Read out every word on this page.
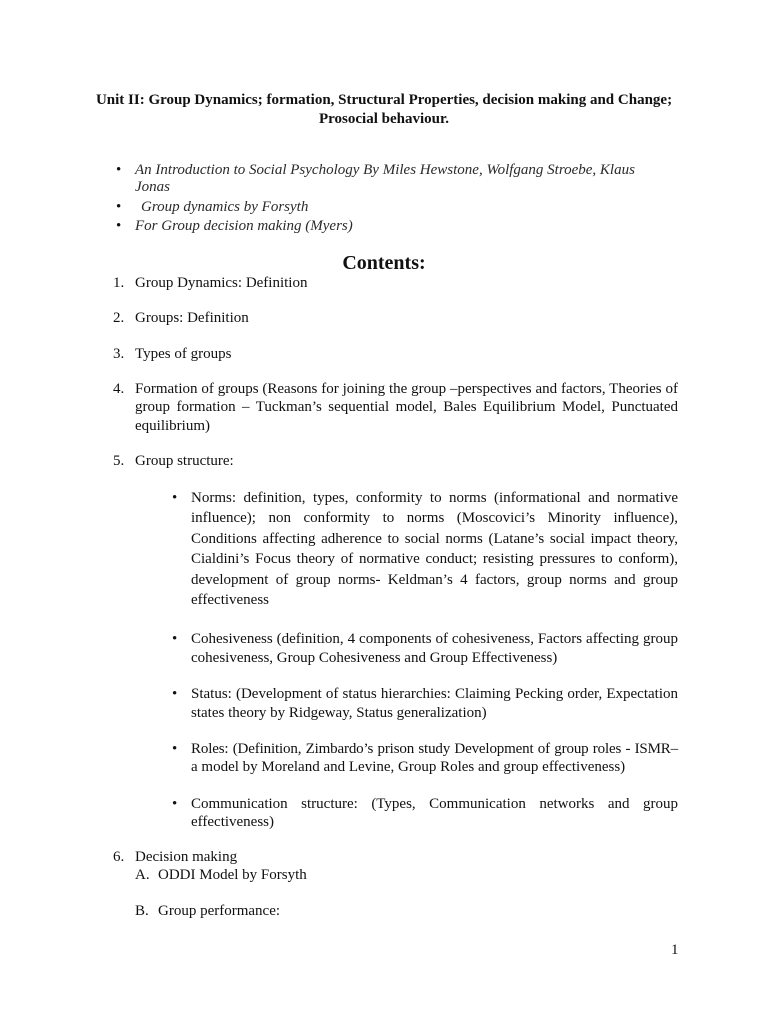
Unit II: Group Dynamics; formation, Structural Properties, decision making and Change;
Prosocial behaviour.
• An Introduction to Social Psychology By Miles Hewstone, Wolfgang Stroebe, Klaus
Jonas
• Group dynamics by Forsyth
• For Group decision making (Myers)
Contents:
1. Group Dynamics: Definition
2. Groups: Definition
3. Types of groups
4. Formation of groups (Reasons for joining the group –perspectives and factors, Theories of
group formation – Tuckman’s sequential model, Bales Equilibrium Model, Punctuated
equilibrium)
5. Group structure:
• Norms: definition, types, conformity to norms (informational and normative
influence); non conformity to norms (Moscovici’s Minority influence),
Conditions affecting adherence to social norms (Latane’s social impact theory,
Cialdini’s Focus theory of normative conduct; resisting pressures to conform),
development of group norms- Keldman’s 4 factors, group norms and group
effectiveness
• Cohesiveness (definition, 4 components of cohesiveness, Factors affecting group
cohesiveness, Group Cohesiveness and Group Effectiveness)
• Status: (Development of status hierarchies: Claiming Pecking order, Expectation
states theory by Ridgeway, Status generalization)
• Roles: (Definition, Zimbardo’s prison study Development of group roles - ISMR–
a model by Moreland and Levine, Group Roles and group effectiveness)
• Communication structure: (Types, Communication networks and group
effectiveness)
6. Decision making
A. ODDI Model by Forsyth
B. Group performance:
1
